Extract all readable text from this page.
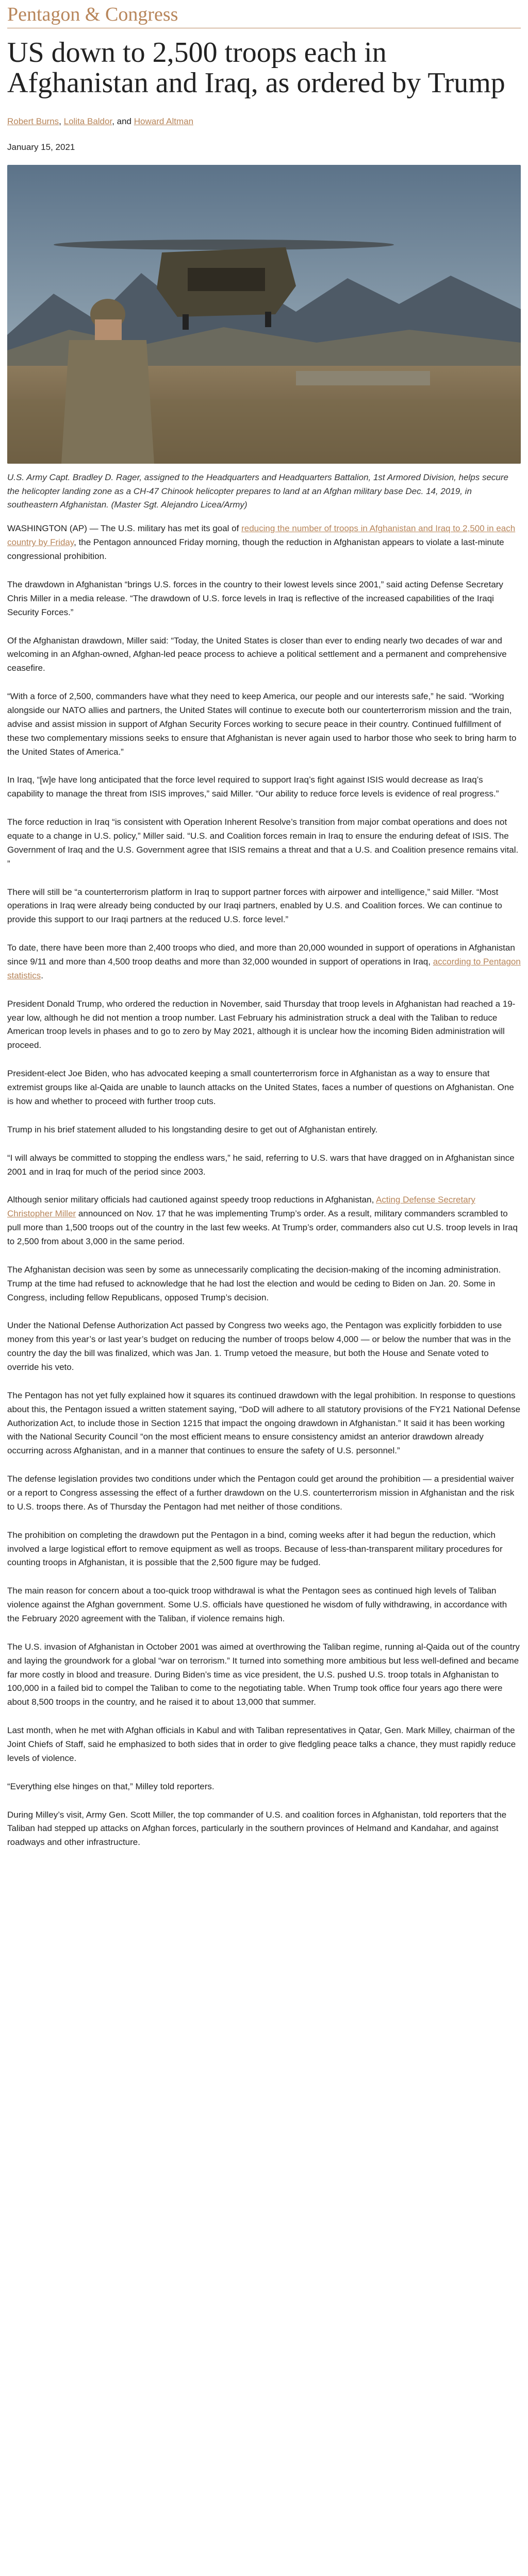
Pentagon & Congress
US down to 2,500 troops each in Afghanistan and Iraq, as ordered by Trump
Robert Burns, Lolita Baldor, and Howard Altman
January 15, 2021

U.S. Army Capt. Bradley D. Rager, assigned to the Headquarters and Headquarters Battalion, 1st Armored Division, helps secure the helicopter landing zone as a CH-47 Chinook helicopter prepares to land at an Afghan military base Dec. 14, 2019, in southeastern Afghanistan. (Master Sgt. Alejandro Licea/Army)

WASHINGTON (AP) — The U.S. military has met its goal of reducing the number of troops in Afghanistan and Iraq to 2,500 in each country by Friday, the Pentagon announced Friday morning, though the reduction in Afghanistan appears to violate a last-minute congressional prohibition.

The drawdown in Afghanistan “brings U.S. forces in the country to their lowest levels since 2001,” said acting Defense Secretary Chris Miller in a media release. “The drawdown of U.S. force levels in Iraq is reflective of the increased capabilities of the Iraqi Security Forces.”

Of the Afghanistan drawdown, Miller said: “Today, the United States is closer than ever to ending nearly two decades of war and welcoming in an Afghan-owned, Afghan-led peace process to achieve a political settlement and a permanent and comprehensive ceasefire.

“With a force of 2,500, commanders have what they need to keep America, our people and our interests safe,” he said. “Working alongside our NATO allies and partners, the United States will continue to execute both our counterterrorism mission and the train, advise and assist mission in support of Afghan Security Forces working to secure peace in their country. Continued fulfillment of these two complementary missions seeks to ensure that Afghanistan is never again used to harbor those who seek to bring harm to the United States of America.”

In Iraq, “[w]e have long anticipated that the force level required to support Iraq’s fight against ISIS would decrease as Iraq’s capability to manage the threat from ISIS improves,” said Miller. “Our ability to reduce force levels is evidence of real progress.”

The force reduction in Iraq “is consistent with Operation Inherent Resolve’s transition from major combat operations and does not equate to a change in U.S. policy,” Miller said. “U.S. and Coalition forces remain in Iraq to ensure the enduring defeat of ISIS. The Government of Iraq and the U.S. Government agree that ISIS remains a threat and that a U.S. and Coalition presence remains vital. ”

There will still be “a counterterrorism platform in Iraq to support partner forces with airpower and intelligence,” said Miller. “Most operations in Iraq were already being conducted by our Iraqi partners, enabled by U.S. and Coalition forces. We can continue to provide this support to our Iraqi partners at the reduced U.S. force level.”

To date, there have been more than 2,400 troops who died, and more than 20,000 wounded in support of operations in Afghanistan since 9/11 and more than 4,500 troop deaths and more than 32,000 wounded in support of operations in Iraq, according to Pentagon statistics.

President Donald Trump, who ordered the reduction in November, said Thursday that troop levels in Afghanistan had reached a 19-year low, although he did not mention a troop number. Last February his administration struck a deal with the Taliban to reduce American troop levels in phases and to go to zero by May 2021, although it is unclear how the incoming Biden administration will proceed.

President-elect Joe Biden, who has advocated keeping a small counterterrorism force in Afghanistan as a way to ensure that extremist groups like al-Qaida are unable to launch attacks on the United States, faces a number of questions on Afghanistan. One is how and whether to proceed with further troop cuts.

Trump in his brief statement alluded to his longstanding desire to get out of Afghanistan entirely.

“I will always be committed to stopping the endless wars,” he said, referring to U.S. wars that have dragged on in Afghanistan since 2001 and in Iraq for much of the period since 2003.

Although senior military officials had cautioned against speedy troop reductions in Afghanistan, Acting Defense Secretary Christopher Miller announced on Nov. 17 that he was implementing Trump’s order. As a result, military commanders scrambled to pull more than 1,500 troops out of the country in the last few weeks. At Trump’s order, commanders also cut U.S. troop levels in Iraq to 2,500 from about 3,000 in the same period.

The Afghanistan decision was seen by some as unnecessarily complicating the decision-making of the incoming administration. Trump at the time had refused to acknowledge that he had lost the election and would be ceding to Biden on Jan. 20. Some in Congress, including fellow Republicans, opposed Trump’s decision.

Under the National Defense Authorization Act passed by Congress two weeks ago, the Pentagon was explicitly forbidden to use money from this year’s or last year’s budget on reducing the number of troops below 4,000 — or below the number that was in the country the day the bill was finalized, which was Jan. 1. Trump vetoed the measure, but both the House and Senate voted to override his veto.

The Pentagon has not yet fully explained how it squares its continued drawdown with the legal prohibition. In response to questions about this, the Pentagon issued a written statement saying, “DoD will adhere to all statutory provisions of the FY21 National Defense Authorization Act, to include those in Section 1215 that impact the ongoing drawdown in Afghanistan.” It said it has been working with the National Security Council “on the most efficient means to ensure consistency amidst an anterior drawdown already occurring across Afghanistan, and in a manner that continues to ensure the safety of U.S. personnel.”

The defense legislation provides two conditions under which the Pentagon could get around the prohibition — a presidential waiver or a report to Congress assessing the effect of a further drawdown on the U.S. counterterrorism mission in Afghanistan and the risk to U.S. troops there. As of Thursday the Pentagon had met neither of those conditions.

The prohibition on completing the drawdown put the Pentagon in a bind, coming weeks after it had begun the reduction, which involved a large logistical effort to remove equipment as well as troops. Because of less-than-transparent military procedures for counting troops in Afghanistan, it is possible that the 2,500 figure may be fudged.

The main reason for concern about a too-quick troop withdrawal is what the Pentagon sees as continued high levels of Taliban violence against the Afghan government. Some U.S. officials have questioned he wisdom of fully withdrawing, in accordance with the February 2020 agreement with the Taliban, if violence remains high.

The U.S. invasion of Afghanistan in October 2001 was aimed at overthrowing the Taliban regime, running al-Qaida out of the country and laying the groundwork for a global “war on terrorism.” It turned into something more ambitious but less well-defined and became far more costly in blood and treasure. During Biden’s time as vice president, the U.S. pushed U.S. troop totals in Afghanistan to 100,000 in a failed bid to compel the Taliban to come to the negotiating table. When Trump took office four years ago there were about 8,500 troops in the country, and he raised it to about 13,000 that summer.

Last month, when he met with Afghan officials in Kabul and with Taliban representatives in Qatar, Gen. Mark Milley, chairman of the Joint Chiefs of Staff, said he emphasized to both sides that in order to give fledgling peace talks a chance, they must rapidly reduce levels of violence.

“Everything else hinges on that,” Milley told reporters.

During Milley’s visit, Army Gen. Scott Miller, the top commander of U.S. and coalition forces in Afghanistan, told reporters that the Taliban had stepped up attacks on Afghan forces, particularly in the southern provinces of Helmand and Kandahar, and against roadways and other infrastructure.
